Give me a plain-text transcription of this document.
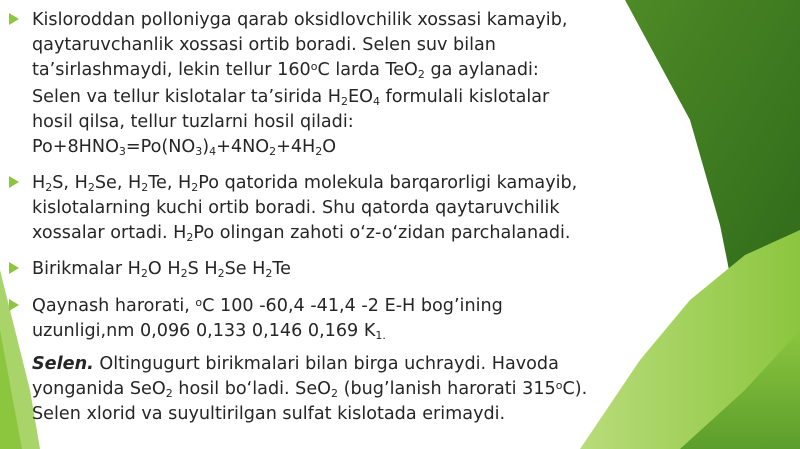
Kisloroddan polloniyga qarab oksidlovchilik xossasi kamayib,
qaytaruvchanlik xossasi ortib boradi. Selen suv bilan
ta’sirlashmaydi, lekin tellur 160$^o$C larda TeO$_2$ ga aylanadi:
Selen va tellur kislotalar ta’sirida $H_2EO_4$ formulali kislotalar
hosil qilsa, tellur tuzlarni hosil qiladi:
$Po+8HNO_3=Po(NO_3)_4+4NO_2+4H_2O$
$H_2S$, $H_2Se$, $H_2Te$, $H_2Po$ qatorida molekula barqarorligi kamayib,
kislotalarning kuchi ortib boradi. Shu qatorda qaytaruvchilik
xossalar ortadi. $H_2Po$ olingan zahoti o‘z-o‘zidan parchalanadi.
Birikmalar $H_2O$ $H_2S$ $H_2Se$ $H_2Te$
Qaynash harorati, $^o$C 100 -60,4 -41,4 -2 E-H bog’ining
uzunligi,nm 0,096 0,133 0,146 0,169 $K_{1.}$
Selen. Oltingugurt birikmalari bilan birga uchraydi. Havoda
yonganida SeO$_2$ hosil bo‘ladi. SeO$_2$ (bug’lanish harorati 315$^o$C).
Selen xlorid va suyultirilgan sulfat kislotada erimaydi.
